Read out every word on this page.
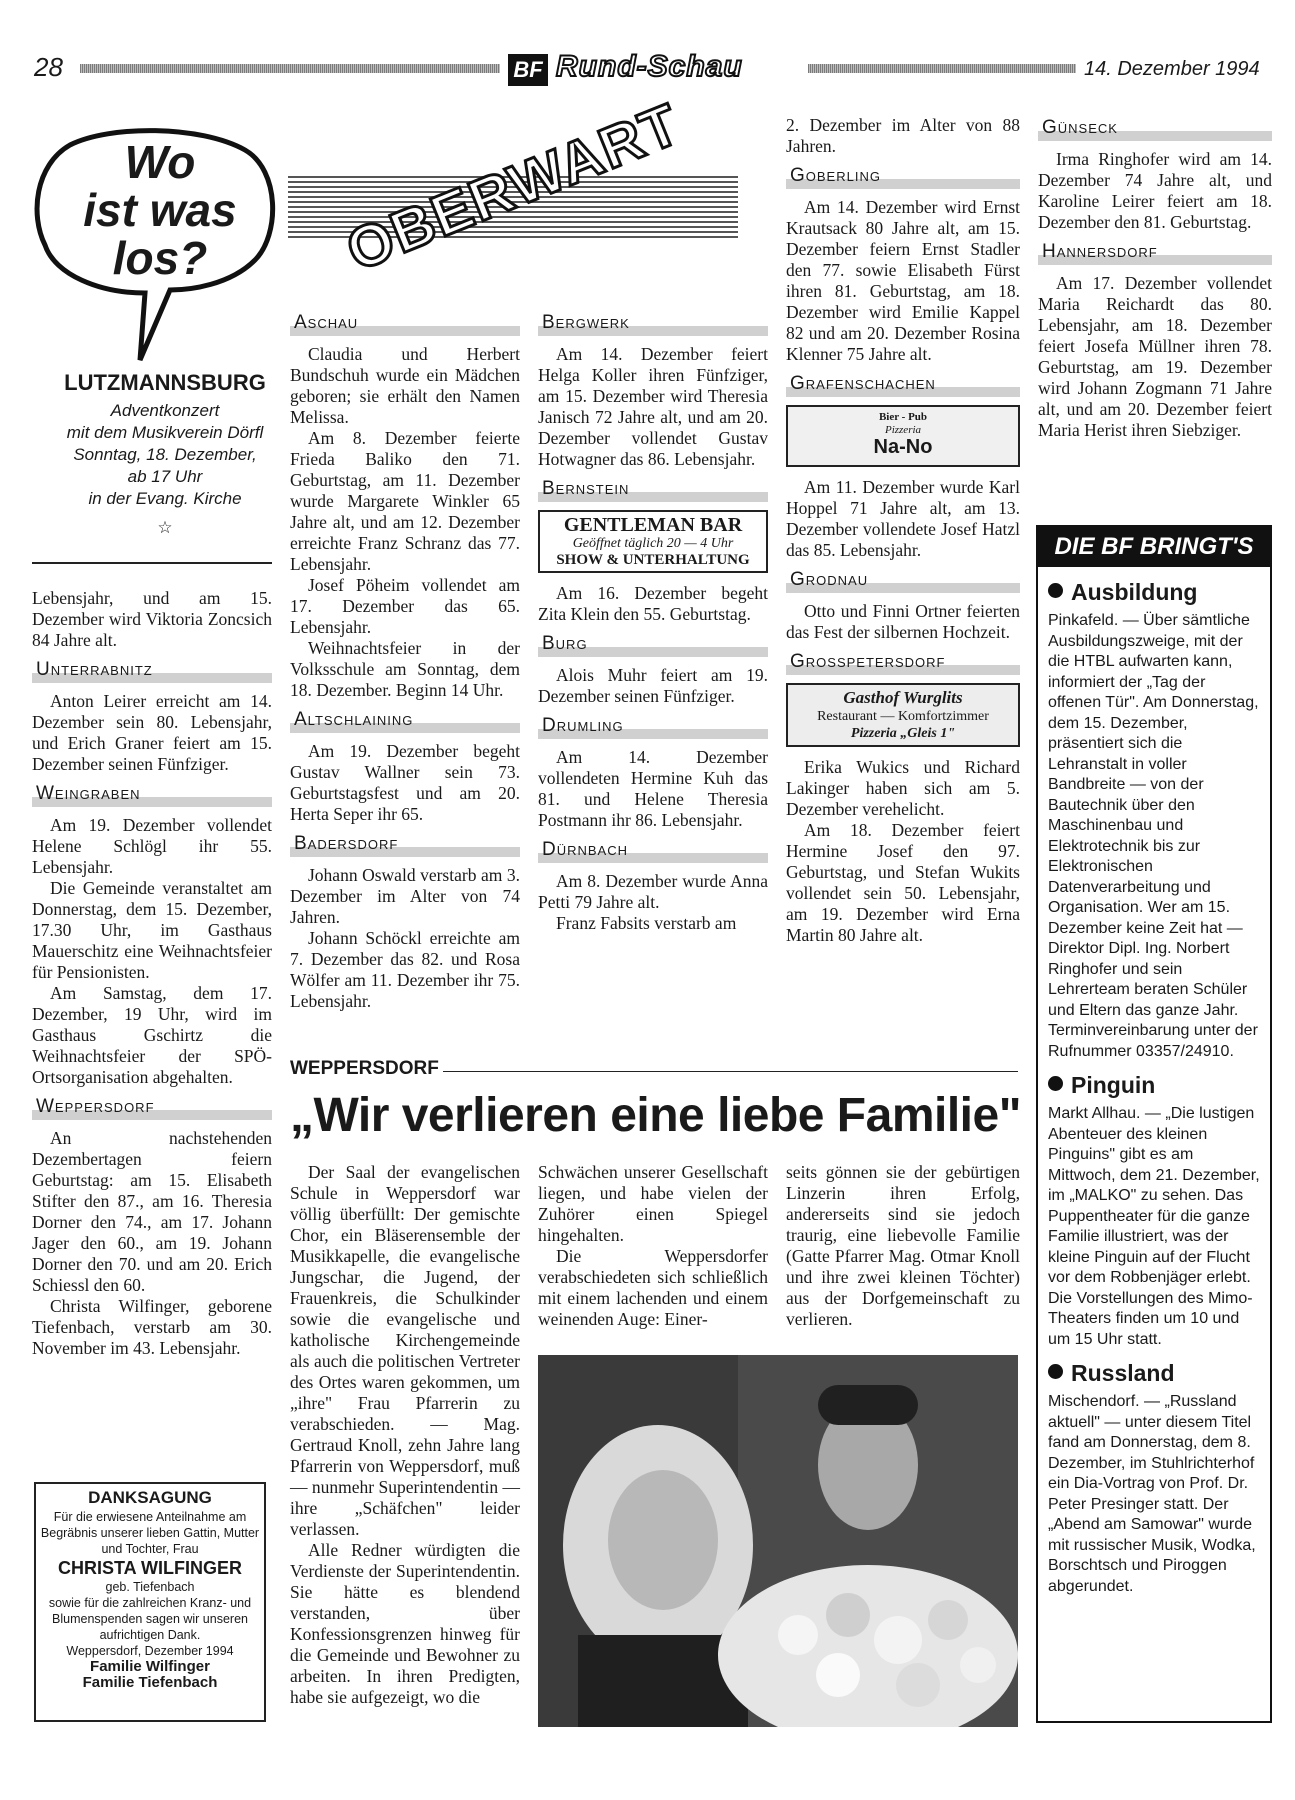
28	BF Rund-Schau	14. Dezember 1994
Wo
ist was
los?
LUTZMANNSBURG
Adventkonzert
mit dem Musikverein Dörfl
Sonntag, 18. Dezember,
ab 17 Uhr
in der Evang. Kirche
☆
OBERWART

Lebensjahr, und am 15. Dezember wird Viktoria Zoncsich 84 Jahre alt.

Unterrabnitz

Anton Leirer erreicht am 14. Dezember sein 80. Lebensjahr, und Erich Graner feiert am 15. Dezember seinen Fünfziger.

Weingraben

Am 19. Dezember vollendet Helene Schlögl ihr 55. Lebensjahr.

Die Gemeinde veranstaltet am Donnerstag, dem 15. Dezember, 17.30 Uhr, im Gasthaus Mauerschitz eine Weihnachtsfeier für Pensionisten.

Am Samstag, dem 17. Dezember, 19 Uhr, wird im Gasthaus Gschirtz die Weihnachtsfeier der SPÖ-Ortsorganisation abgehalten.

Weppersdorf

An nachstehenden Dezembertagen feiern Geburtstag: am 15. Elisabeth Stifter den 87., am 16. Theresia Dorner den 74., am 17. Johann Jager den 60., am 19. Johann Dorner den 70. und am 20. Erich Schiessl den 60.

Christa Wilfinger, geborene Tiefenbach, verstarb am 30. November im 43. Lebensjahr.

DANKSAGUNG
Für die erwiesene Anteilnahme am Begräbnis unserer lieben Gattin, Mutter und Tochter, Frau
CHRISTA WILFINGER
geb. Tiefenbach
sowie für die zahlreichen Kranz- und Blumenspenden sagen wir unseren aufrichtigen Dank.
Weppersdorf, Dezember 1994
Familie Wilfinger
Familie Tiefenbach
Aschau

Claudia und Herbert Bundschuh wurde ein Mädchen geboren; sie erhält den Namen Melissa.

Am 8. Dezember feierte Frieda Baliko den 71. Geburtstag, am 11. Dezember wurde Margarete Winkler 65 Jahre alt, und am 12. Dezember erreichte Franz Schranz das 77. Lebensjahr.

Josef Pöheim vollendet am 17. Dezember das 65. Lebensjahr.

Weihnachtsfeier in der Volksschule am Sonntag, dem 18. Dezember. Beginn 14 Uhr.

Altschlaining

Am 19. Dezember begeht Gustav Wallner sein 73. Geburtstagsfest und am 20. Herta Seper ihr 65.

Badersdorf

Johann Oswald verstarb am 3. Dezember im Alter von 74 Jahren.

Johann Schöckl erreichte am 7. Dezember das 82. und Rosa Wölfer am 11. Dezember ihr 75. Lebensjahr.

Bergwerk

Am 14. Dezember feiert Helga Koller ihren Fünfziger, am 15. Dezember wird Theresia Janisch 72 Jahre alt, und am 20. Dezember vollendet Gustav Hotwagner das 86. Lebensjahr.

Bernstein
GENTLEMAN BAR
Geöffnet täglich 20 — 4 Uhr
SHOW & UNTERHALTUNG

Am 16. Dezember begeht Zita Klein den 55. Geburtstag.

Burg

Alois Muhr feiert am 19. Dezember seinen Fünfziger.

Drumling

Am 14. Dezember vollendeten Hermine Kuh das 81. und Helene Theresia Postmann ihr 86. Lebensjahr.

Dürnbach

Am 8. Dezember wurde Anna Petti 79 Jahre alt.

Franz Fabsits verstarb am

2. Dezember im Alter von 88 Jahren.

Goberling

Am 14. Dezember wird Ernst Krautsack 80 Jahre alt, am 15. Dezember feiern Ernst Stadler den 77. sowie Elisabeth Fürst ihren 81. Geburtstag, am 18. Dezember wird Emilie Kappel 82 und am 20. Dezember Rosina Klenner 75 Jahre alt.

Grafenschachen
Bier - Pub
Pizzeria
Na-No

Am 11. Dezember wurde Karl Hoppel 71 Jahre alt, am 13. Dezember vollendete Josef Hatzl das 85. Lebensjahr.

Grodnau

Otto und Finni Ortner feierten das Fest der silbernen Hochzeit.

Grosspetersdorf
Gasthof Wurglits
Restaurant — Komfortzimmer
Pizzeria „Gleis 1"

Erika Wukics und Richard Lakinger haben sich am 5. Dezember verehelicht.

Am 18. Dezember feiert Hermine Josef den 97. Geburtstag, und Stefan Wukits vollendet sein 50. Lebensjahr, am 19. Dezember wird Erna Martin 80 Jahre alt.

Günseck

Irma Ringhofer wird am 14. Dezember 74 Jahre alt, und Karoline Leirer feiert am 18. Dezember den 81. Geburtstag.

Hannersdorf

Am 17. Dezember vollendet Maria Reichardt das 80. Lebensjahr, am 18. Dezember feiert Josefa Müllner ihren 78. Geburtstag, am 19. Dezember wird Johann Zogmann 71 Jahre alt, und am 20. Dezember feiert Maria Herist ihren Siebziger.

DIE BF BRINGT'S
Ausbildung

Pinkafeld. — Über sämtliche Ausbildungszweige, mit der die HTBL aufwarten kann, informiert der „Tag der offenen Tür". Am Donnerstag, dem 15. Dezember, präsentiert sich die Lehranstalt in voller Bandbreite — von der Bautechnik über den Maschinenbau und Elektrotechnik bis zur Elektronischen Datenverarbeitung und Organisation. Wer am 15. Dezember keine Zeit hat — Direktor Dipl. Ing. Norbert Ringhofer und sein Lehrerteam beraten Schüler und Eltern das ganze Jahr. Terminvereinbarung unter der Rufnummer 03357/24910.

Pinguin

Markt Allhau. — „Die lustigen Abenteuer des kleinen Pinguins" gibt es am Mittwoch, dem 21. Dezember, im „MALKO" zu sehen. Das Puppentheater für die ganze Familie illustriert, was der kleine Pinguin auf der Flucht vor dem Robbenjäger erlebt. Die Vorstellungen des Mimo-Theaters finden um 10 und um 15 Uhr statt.

Russland

Mischendorf. — „Russland aktuell" — unter diesem Titel fand am Donnerstag, dem 8. Dezember, im Stuhlrichterhof ein Dia-Vortrag von Prof. Dr. Peter Presinger statt. Der „Abend am Samowar" wurde mit russischer Musik, Wodka, Borschtsch und Piroggen abgerundet.

WEPPERSDORF
„Wir verlieren eine liebe Familie"

Der Saal der evangelischen Schule in Weppersdorf war völlig überfüllt: Der gemischte Chor, ein Bläserensemble der Musikkapelle, die evangelische Jungschar, die Jugend, der Frauenkreis, die Schulkinder sowie die evangelische und katholische Kirchengemeinde als auch die politischen Vertreter des Ortes waren gekommen, um „ihre" Frau Pfarrerin zu verabschieden. — Mag. Gertraud Knoll, zehn Jahre lang Pfarrerin von Weppersdorf, muß — nunmehr Superintendentin — ihre „Schäfchen" leider verlassen.

Alle Redner würdigten die Verdienste der Superintendentin. Sie hätte es blendend verstanden, über Konfessionsgrenzen hinweg für die Gemeinde und Bewohner zu arbeiten. In ihren Predigten, habe sie aufgezeigt, wo die

Schwächen unserer Gesellschaft liegen, und habe vielen der Zuhörer einen Spiegel hingehalten.

Die Weppersdorfer verabschiedeten sich schließlich mit einem lachenden und einem weinenden Auge: Einer-

seits gönnen sie der gebürtigen Linzerin ihren Erfolg, andererseits sind sie jedoch traurig, eine liebevolle Familie (Gatte Pfarrer Mag. Otmar Knoll und ihre zwei kleinen Töchter) aus der Dorfgemeinschaft zu verlieren.
